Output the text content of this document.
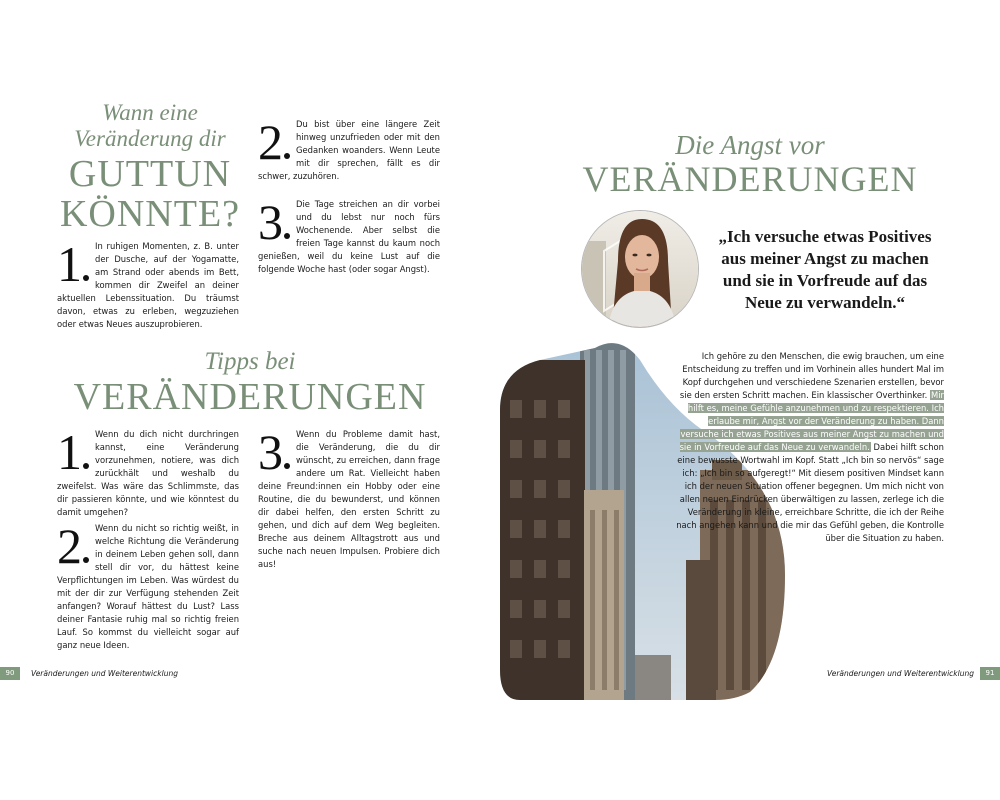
Wann eine
Veränderung dir
GUTTUN
KÖNNTE?
1	In ruhigen Momenten, z. B. unter der Dusche, auf der Yogamatte, am Strand oder abends im Bett, kommen dir Zweifel an deiner aktuellen Lebenssituation. Du träumst davon, etwas zu erleben, wegzuziehen oder etwas Neues auszuprobieren.
2	Du bist über eine längere Zeit hinweg unzufrieden oder mit den Gedanken woanders. Wenn Leute mit dir sprechen, fällt es dir schwer, zuzuhören.
3	Die Tage streichen an dir vorbei und du lebst nur noch fürs Wochenende. Aber selbst die freien Tage kannst du kaum noch genießen, weil du keine Lust auf die folgende Woche hast (oder sogar Angst).
Tipps bei
VERÄNDERUNGEN
1	Wenn du dich nicht durchringen kannst, eine Veränderung vorzunehmen, notiere, was dich zurückhält und weshalb du zweifelst. Was wäre das Schlimmste, das dir passieren könnte, und wie könntest du damit umgehen?
2	Wenn du nicht so richtig weißt, in welche Richtung die Veränderung in deinem Leben gehen soll, dann stell dir vor, du hättest keine Verpflichtungen im Leben. Was würdest du mit der dir zur Verfügung stehenden Zeit anfangen? Worauf hättest du Lust? Lass deiner Fantasie ruhig mal so richtig freien Lauf. So kommst du vielleicht sogar auf ganz neue Ideen.
3	Wenn du Probleme damit hast, die Veränderung, die du dir wünscht, zu erreichen, dann frage andere um Rat. Vielleicht haben deine Freund:innen ein Hobby oder eine Routine, die du bewunderst, und können dir dabei helfen, den ersten Schritt zu gehen, und dich auf dem Weg begleiten. Breche aus deinem Alltagstrott aus und suche nach neuen Impulsen. Probiere dich aus!
90	Veränderungen und Weiterentwicklung
Die Angst vor
VERÄNDERUNGEN
„Ich versuche etwas Positives aus meiner Angst zu machen und sie in Vorfreude auf das Neue zu verwandeln.“
Ich gehöre zu den Menschen, die ewig brauchen, um eine Entscheidung zu treffen und im Vorhinein alles hundert Mal im Kopf durchgehen und verschiedene Szenarien erstellen, bevor sie den ersten Schritt machen. Ein klassischer Overthinker. Mir hilft es, meine Gefühle anzunehmen und zu respektieren. Ich erlaube mir, Angst vor der Veränderung zu haben. Dann versuche ich etwas Positives aus meiner Angst zu machen und sie in Vorfreude auf das Neue zu verwandeln. Dabei hilft schon eine bewusste Wortwahl im Kopf. Statt „Ich bin so nervös“ sage ich: „Ich bin so aufgeregt!“ Mit diesem positiven Mindset kann ich der neuen Situation offener begegnen. Um mich nicht von allen neuen Eindrücken überwältigen zu lassen, zerlege ich die Veränderung in kleine, erreichbare Schritte, die ich der Reihe nach angehen kann und die mir das Gefühl geben, die Kontrolle über die Situation zu haben.
Veränderungen und Weiterentwicklung	91
